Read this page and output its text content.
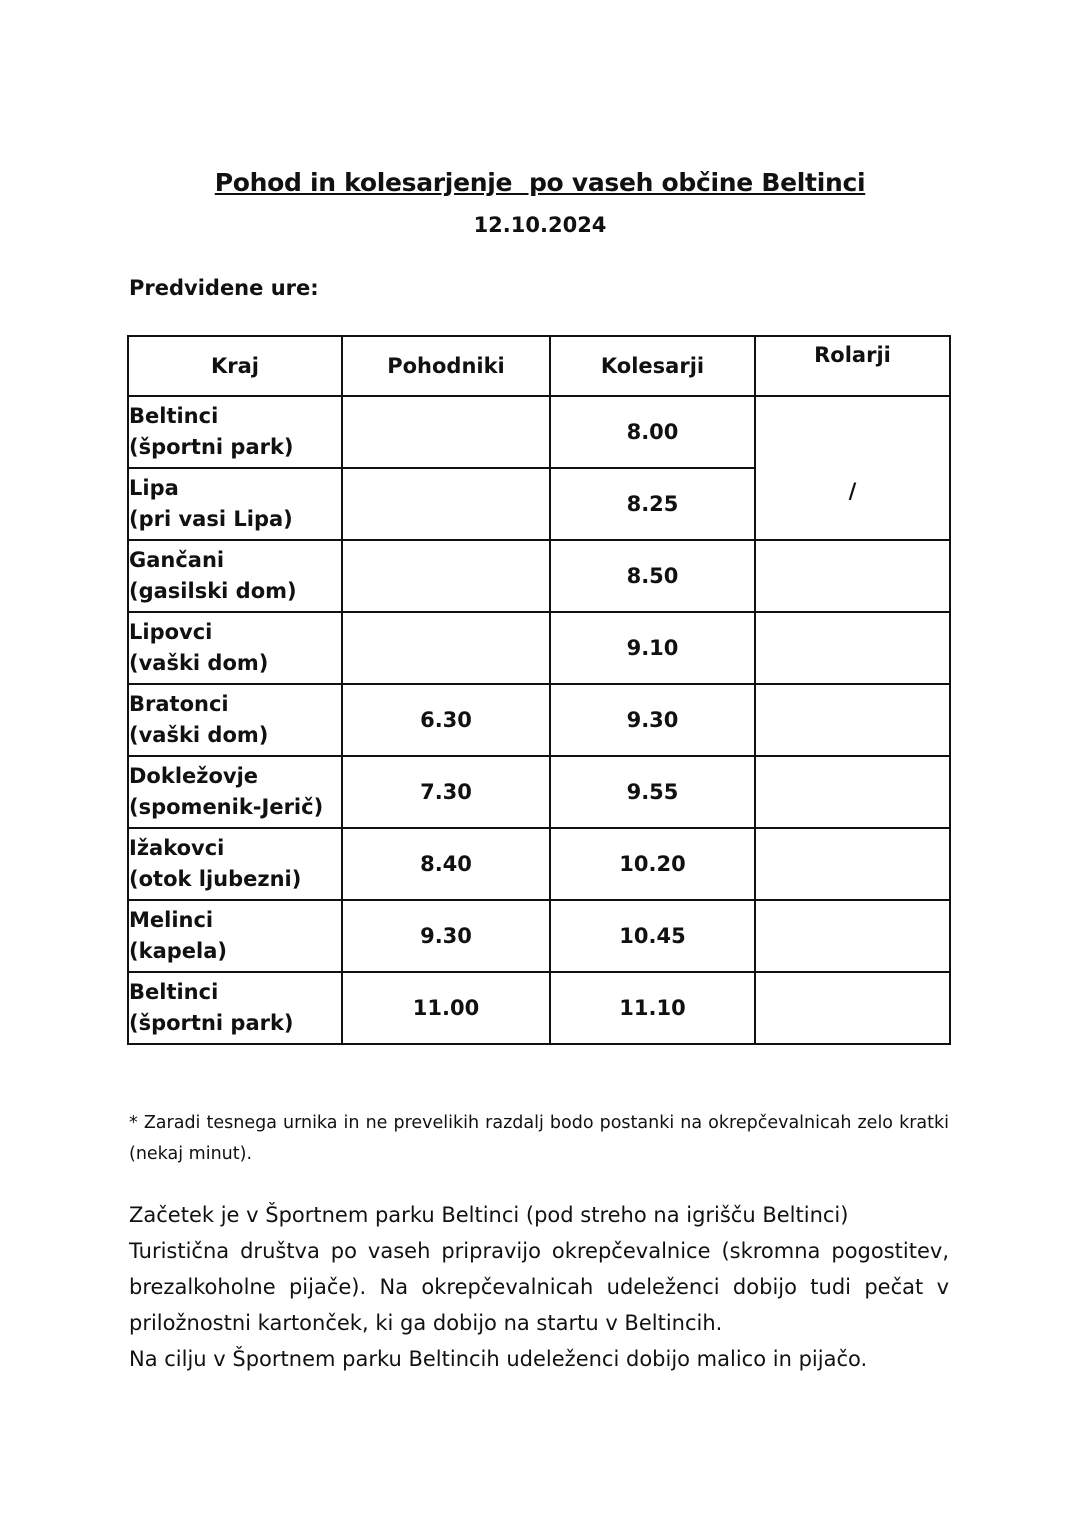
Pohod in kolesarjenje  po vaseh občine Beltinci
12.10.2024
Predvidene ure:
Kraj	Pohodniki	Kolesarji	Rolarji

Beltinci
(športni park)		8.00	/

Lipa
(pri vasi Lipa)		8.25	

Gančani
(gasilski dom)		8.50	

Lipovci
(vaški dom)		9.10	

Bratonci
(vaški dom)	6.30	9.30	

Dokležovje
(spomenik-Jerič)	7.30	9.55	

Ižakovci
(otok ljubezni)	8.40	10.20	

Melinci
(kapela)	9.30	10.45	

Beltinci
(športni park)	11.00	11.10	
* Zaradi tesnega urnika in ne prevelikih razdalj bodo postanki na okrepčevalnicah zelo kratki (nekaj minut).
Začetek je v Športnem parku Beltinci (pod streho na igrišču Beltinci)
Turistična društva po vaseh pripravijo okrepčevalnice (skromna pogostitev, brezalkoholne pijače). Na okrepčevalnicah udeleženci dobijo tudi pečat v priložnostni kartonček, ki ga dobijo na startu v Beltincih.
Na cilju v Športnem parku Beltincih udeleženci dobijo malico in pijačo.
